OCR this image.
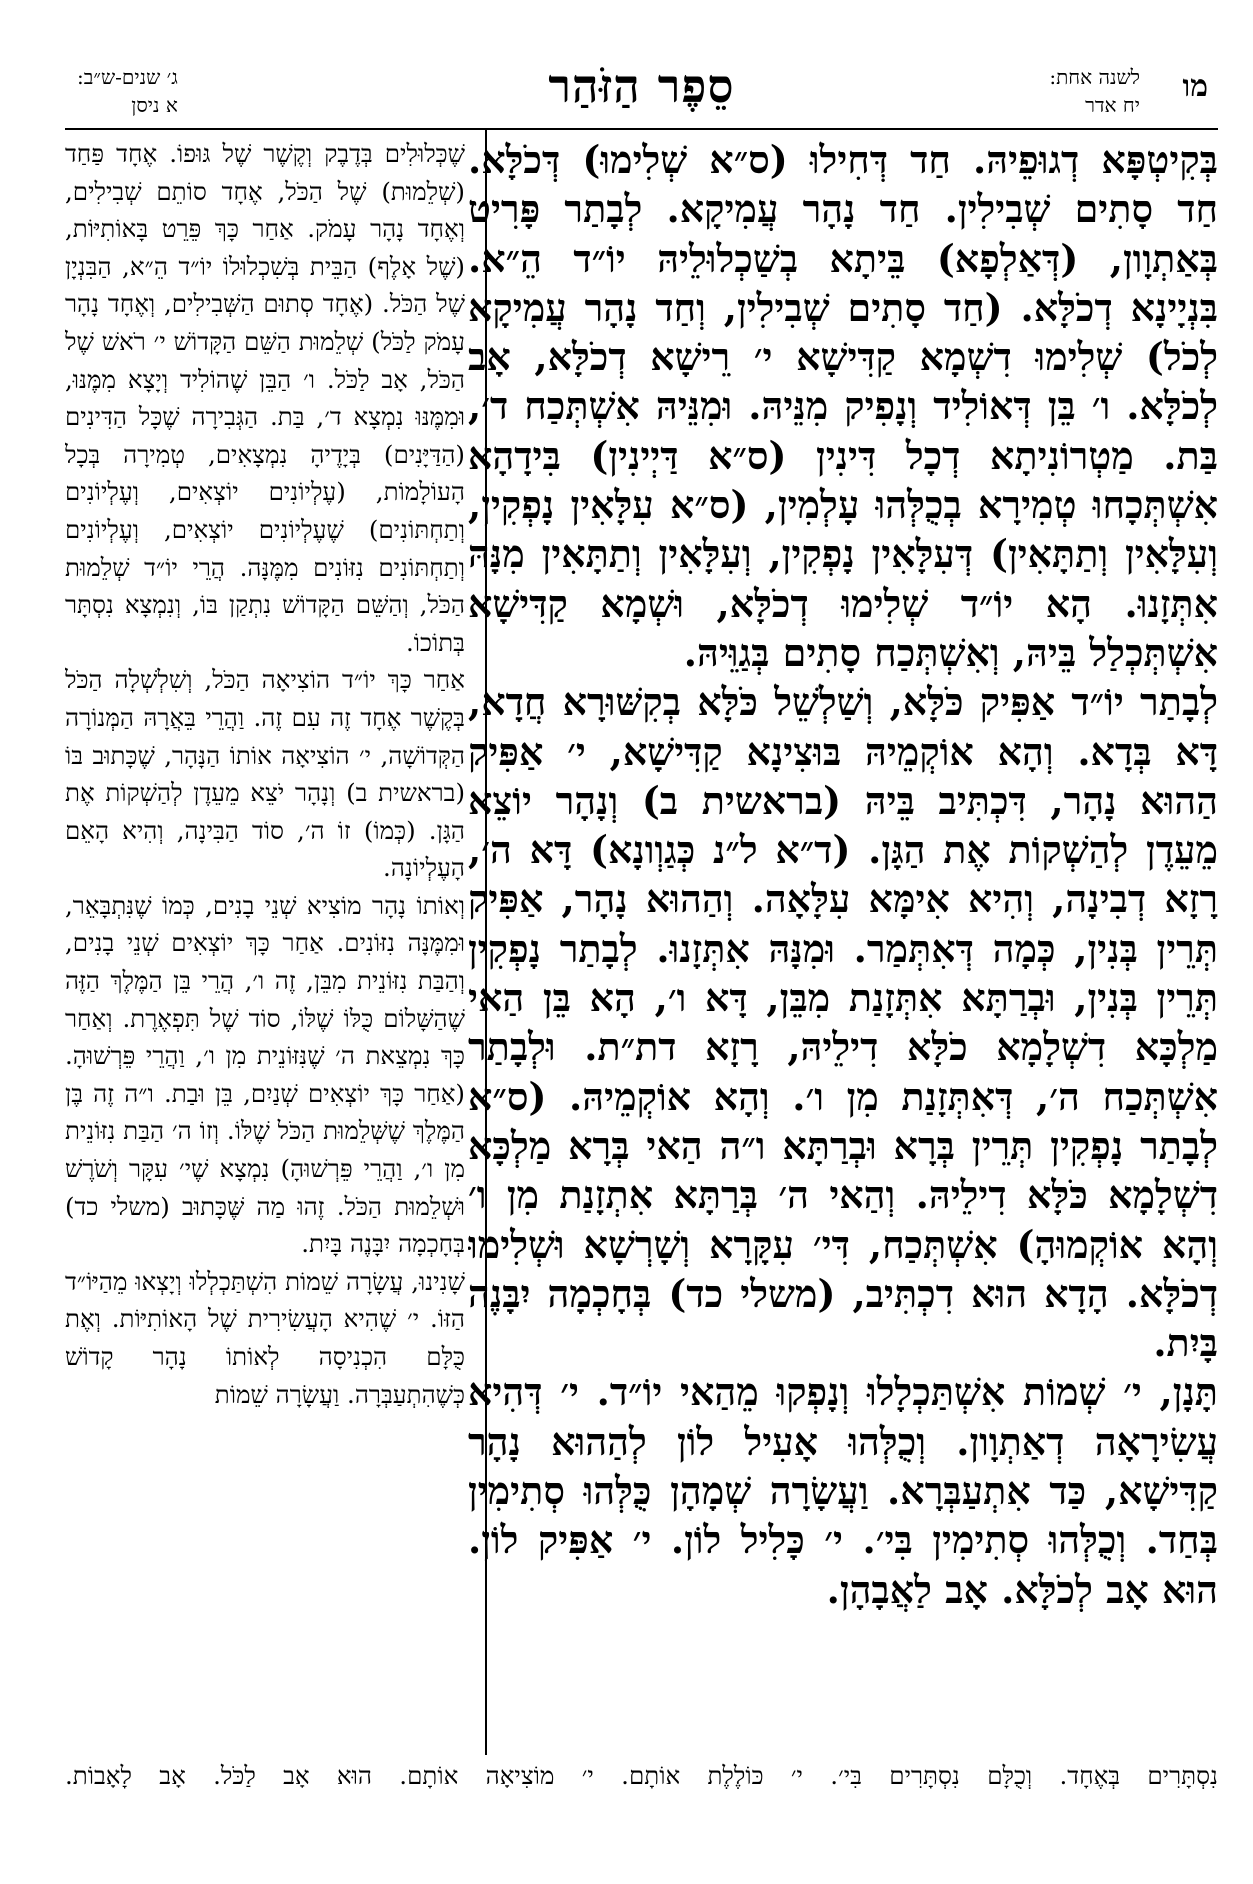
מו
לשנה אחת:
יח אדר
סֵפֶר הַזֹּהַר
ג׳ שנים-ש״ב:
א ניסן

בְּקִיטְפָּא דְגוּפֵיהּ. חַד דְּחִילוּ (ס״א שְׁלִימוּ) דְּכֹלָּא. חַד סָתִים שְׁבִילִין. חַד נָהָר עֲמִיקָא. לְבָתַר פָּרִיט בְּאַתְוָון, (דְּאַלְפָא) בֵּיתָא בְשַׁכְלוּלֵיהּ יוֹ״ד הֵ״א. בִּנְיָינָא דְכֹלָּא. (חַד סָתִים שְׁבִילִין, וְחַד נָהָר עֲמִיקָא לְכֹל) שְׁלִימוּ דִשְׁמָא קַדִּישָׁא י׳ רֵישָׁא דְכֹלָּא, אָב לְכֹלָּא. ו׳ בֵּן דְּאוֹלִיד וְנָפִיק מִנֵּיהּ. וּמִנֵּיהּ אִשְׁתְּכַח ד׳, בַּת. מַטְרוֹנִיתָא דְכָל דִּינִין (ס״א דַּיְינִין) בִּידָהָא אִשְׁתְּכָחוּ טְמִירָא בְכֻלְּהוּ עָלְמִין, (ס״א עִלָּאִין נָפְקִין, וְעִלָּאִין וְתַתָּאִין) דְּעִלָּאִין נָפְקִין, וְעִלָּאִין וְתַתָּאִין מִנָּהּ אִתְּזָנוּ. הָא יוֹ״ד שְׁלִימוּ דְכֹלָּא, וּשְׁמָא קַדִּישָׁא אִשְׁתְּכְלַל בֵּיהּ, וְאִשְׁתְּכַח סָתִים בְּגַוֵּיהּ.

לְבָתַר יוֹ״ד אַפִּיק כֹּלָּא, וְשַׁלְשֵׁל כֹּלָּא בְקִשּׁוּרָא חֲדָא, דָּא בְּדָא. וְהָא אוֹקְמֵיהּ בּוּצִינָא קַדִּישָׁא, י׳ אַפִּיק הַהוּא נָהָר, דִּכְתִּיב בֵּיהּ (בראשית ב) וְנָהָר יוֹצֵא מֵעֵדֶן לְהַשְׁקוֹת אֶת הַגָּן. (ד״א ל״נ כְּגַוְונָא) דָּא ה׳, רָזָא דְבִינָה, וְהִיא אִימָּא עִלָּאָה. וְהַהוּא נָהָר, אַפִּיק תְּרֵין בְּנִין, כְּמָה דְּאִתְּמַר. וּמִנָּהּ אִתְּזָנוּ. לְבָתַר נָפְקִין תְּרֵין בְּנִין, וּבְרַתָּא אִתְּזָנַת מִבֵּן, דָּא ו׳, הָא בֵּן הַאי מַלְכָּא דִשְׁלָמָא כֹלָּא דִילֵיהּ, רָזָא דת״ת. וּלְבָתַר אִשְׁתְּכַח ה׳, דְּאִתְּזָנַת מִן ו׳. וְהָא אוֹקְמֵיהּ. (ס״א לְבָתַר נָפְקִין תְּרֵין בְּרָא וּבְרַתָּא ו״ה הַאי בְּרָא מַלְכָּא דִשְׁלָמָא כֹּלָּא דִילֵיהּ. וְהַאי ה׳ בְּרַתָּא אִתְזָנַת מִן ו׳ וְהָא אוֹקְמוּהָ) אִשְׁתְּכַח, דִּי׳ עִקָּרָא וְשָׁרְשָׁא וּשְׁלִימוּ דְכֹלָּא. הָדָא הוּא דִכְתִּיב, (משלי כד) בְּחָכְמָה יִבָּנֶה בָּיִת.

תָּנָן, י׳ שְׁמוֹת אִשְׁתַּכְלָלוּ וְנָפְקוּ מֵהַאי יוֹ״ד. י׳ דְּהִיא עֲשִׂירָאָה דְאַתְוָון. וְכֻלְּהוּ אָעִיל לוֹן לְהַהוּא נָהָר קַדִּישָׁא, כַּד אִתְעַבְּרָא. וַעֲשָׂרָה שְׁמָהָן כֻּלְּהוּ סְתִימִין בְּחַד. וְכֻלְּהוּ סְתִימִין בִּי׳. י׳ כָּלִיל לוֹן. י׳ אַפִּיק לוֹן. הוּא אָב לְכֹלָּא. אָב לַאֲבָהָן.

שֶׁכְּלוּלִים בְּדֶבֶק וְקֶשֶׁר שֶׁל גּוּפוֹ. אֶחָד פַּחַד (שְׁלֵמוּת) שֶׁל הַכֹּל, אֶחָד סוֹתֵם שְׁבִילִים, וְאֶחָד נָהָר עָמֹק. אַחַר כָּךְ פֵּרֵט בָּאוֹתִיּוֹת, (שֶׁל אָלֶף) הַבֵּית בְּשִׁכְלוּלוֹ יוֹ״ד הֵ״א, הַבִּנְיָן שֶׁל הַכֹּל. (אֶחָד סְתוּם הַשְּׁבִילִים, וְאֶחָד נָהָר עָמֹק לַכֹּל) שְׁלֵמוּת הַשֵּׁם הַקָּדוֹשׁ י׳ רֹאשׁ שֶׁל הַכֹּל, אָב לַכֹּל. ו׳ הַבֵּן שֶׁהוֹלִיד וְיָצָא מִמֶּנּוּ, וּמִמֶּנּוּ נִמְצָא ד׳, בַּת. הַגְּבִירָה שֶׁכָּל הַדִּינִים (הַדַּיָּנִים) בְּיָדֶיהָ נִמְצָאִים, טְמִירָה בְּכָל הָעוֹלָמוֹת, (עֶלְיוֹנִים יוֹצְאִים, וְעֶלְיוֹנִים וְתַחְתּוֹנִים) שֶׁעֶלְיוֹנִים יוֹצְאִים, וְעֶלְיוֹנִים וְתַחְתּוֹנִים נִזּוֹנִים מִמֶּנָּה. הֲרֵי יוֹ״ד שְׁלֵמוּת הַכֹּל, וְהַשֵּׁם הַקָּדוֹשׁ נִתְקַן בּוֹ, וְנִמְצָא נִסְתָּר בְּתוֹכוֹ.

אַחַר כָּךְ יוֹ״ד הוֹצִיאָה הַכֹּל, וְשִׁלְשְׁלָה הַכֹּל בְּקֶשֶׁר אֶחָד זֶה עִם זֶה. וַהֲרֵי בֵּאֲרָהּ הַמְּנוֹרָה הַקְּדוֹשָׁה, י׳ הוֹצִיאָה אוֹתוֹ הַנָּהָר, שֶׁכָּתוּב בּוֹ (בראשית ב) וְנָהָר יֹצֵא מֵעֵדֶן לְהַשְׁקוֹת אֶת הַגָּן. (כְּמוֹ) זוֹ ה׳, סוֹד הַבִּינָה, וְהִיא הָאֵם הָעֶלְיוֹנָה.

וְאוֹתוֹ נָהָר מוֹצִיא שְׁנֵי בָנִים, כְּמוֹ שֶׁנִּתְבָּאֵר, וּמִמֶּנָּה נִזּוֹנִים. אַחַר כָּךְ יוֹצְאִים שְׁנֵי בָנִים, וְהַבַּת נִזּוֹנֵית מִבֵּן, זֶה ו׳, הֲרֵי בֵּן הַמֶּלֶךְ הַזֶּה שֶׁהַשָּׁלוֹם כֻּלּוֹ שֶׁלּוֹ, סוֹד שֶׁל תִּפְאֶרֶת. וְאַחַר כָּךְ נִמְצֵאת ה׳ שֶׁנִּזּוֹנֵית מִן ו׳, וַהֲרֵי פֵּרְשׁוּהָ. (אַחַר כָּךְ יוֹצְאִים שְׁנַיִם, בֵּן וּבַת. ו״ה זֶה בֶּן הַמֶּלֶךְ שֶׁשְּׁלֵמוּת הַכֹּל שֶׁלּוֹ. וְזוֹ ה׳ הַבַּת נִזּוֹנֵית מִן ו׳, וַהֲרֵי פֵּרְשׁוּהָ) נִמְצָא שֶׁי׳ עִקָּר וְשֹׁרֶשׁ וּשְׁלֵמוּת הַכֹּל. זֶהוּ מַה שֶּׁכָּתוּב (משלי כד) בְּחָכְמָה יִבָּנֶה בָּיִת.

שָׁנִינוּ, עֲשָׂרָה שֵׁמוֹת הִשְׁתַּכְלְלוּ וְיָצְאוּ מֵהַיּוֹ״ד הַזּוֹ. י׳ שֶׁהִיא הָעֲשִׂירִית שֶׁל הָאוֹתִיּוֹת. וְאֶת כֻּלָּם הִכְנִיסָה לְאוֹתוֹ נָהָר קָדוֹשׁ כְּשֶׁהִתְעַבְּרָה. וַעֲשָׂרָה שֵׁמוֹת

נִסְתָּרִים בְּאֶחָד. וְכֻלָּם נִסְתָּרִים בִּי׳. י׳ כּוֹלֶלֶת אוֹתָם. י׳ מוֹצִיאָה אוֹתָם. הוּא אָב לַכֹּל. אָב לָאָבוֹת.
